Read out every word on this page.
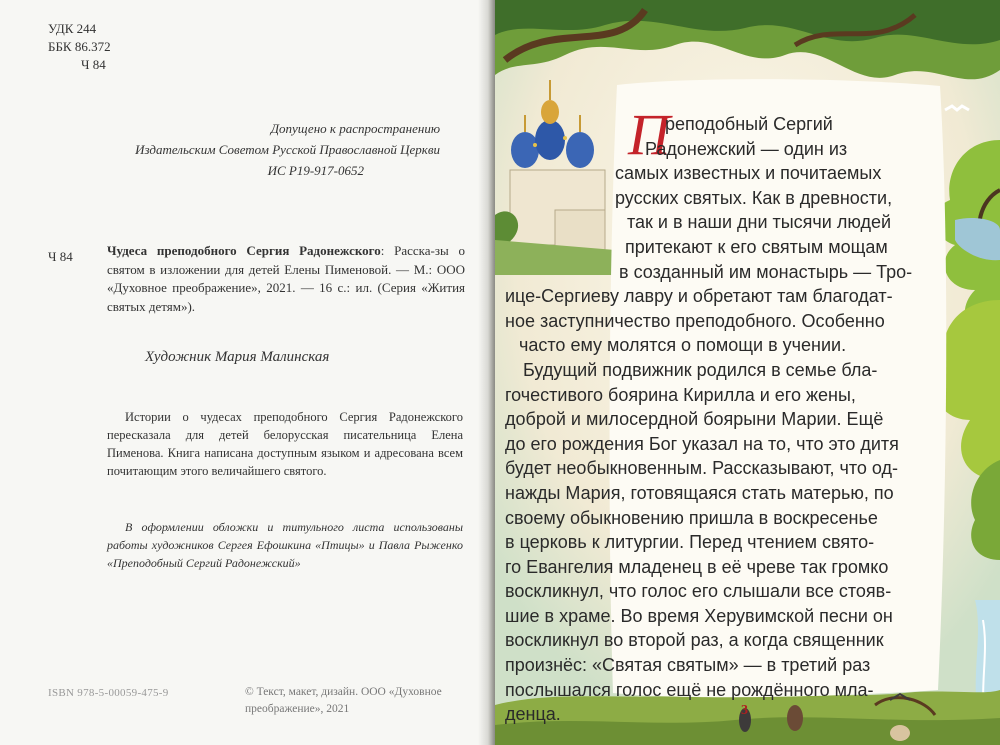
УДК 244
ББК 86.372
Ч 84
Допущено к распространению
Издательским Советом Русской Православной Церкви
ИС Р19-917-0652
Ч 84	Чудеса преподобного Сергия Радонежского: Расска-зы о святом в изложении для детей Елены Пименовой. — М.: ООО «Духовное преображение», 2021. — 16 с.: ил. (Серия «Жития святых детям»).
Художник Мария Малинская
Истории о чудесах преподобного Сергия Радонежского пересказала для детей белорусская писательница Елена Пименова. Книга написана доступным языком и адресована всем почитающим этого величайшего святого.
В оформлении обложки и титульного листа использованы работы художников Сергея Ефошкина «Птицы» и Павла Рыженко «Преподобный Сергий Радонежский»
ISBN 978-5-00059-475-9	© Текст, макет, дизайн. ООО «Духовное преображение», 2021
П
реподобный Сергий
Радонежский — один из
самых известных и почитаемых
русских святых. Как в древности,
так и в наши дни тысячи людей
притекают к его святым мощам
в созданный им монастырь — Тро-
ице-Сергиеву лавру и обретают там благодат-
ное заступничество преподобного. Особенно
часто ему молятся о помощи в учении.
Будущий подвижник родился в семье бла-
гочестивого боярина Кирилла и его жены,
доброй и милосердной боярыни Марии. Ещё
до его рождения Бог указал на то, что это дитя
будет необыкновенным. Рассказывают, что од-
нажды Мария, готовящаяся стать матерью, по
своему обыкновению пришла в воскресенье
в церковь к литургии. Перед чтением свято-
го Евангелия младенец в её чреве так громко
воскликнул, что голос его слышали все стояв-
шие в храме. Во время Херувимской песни он
воскликнул во второй раз, а когда священник
произнёс: «Святая святым» — в третий раз
послышался голос ещё не рождённого мла-
денца.	3
